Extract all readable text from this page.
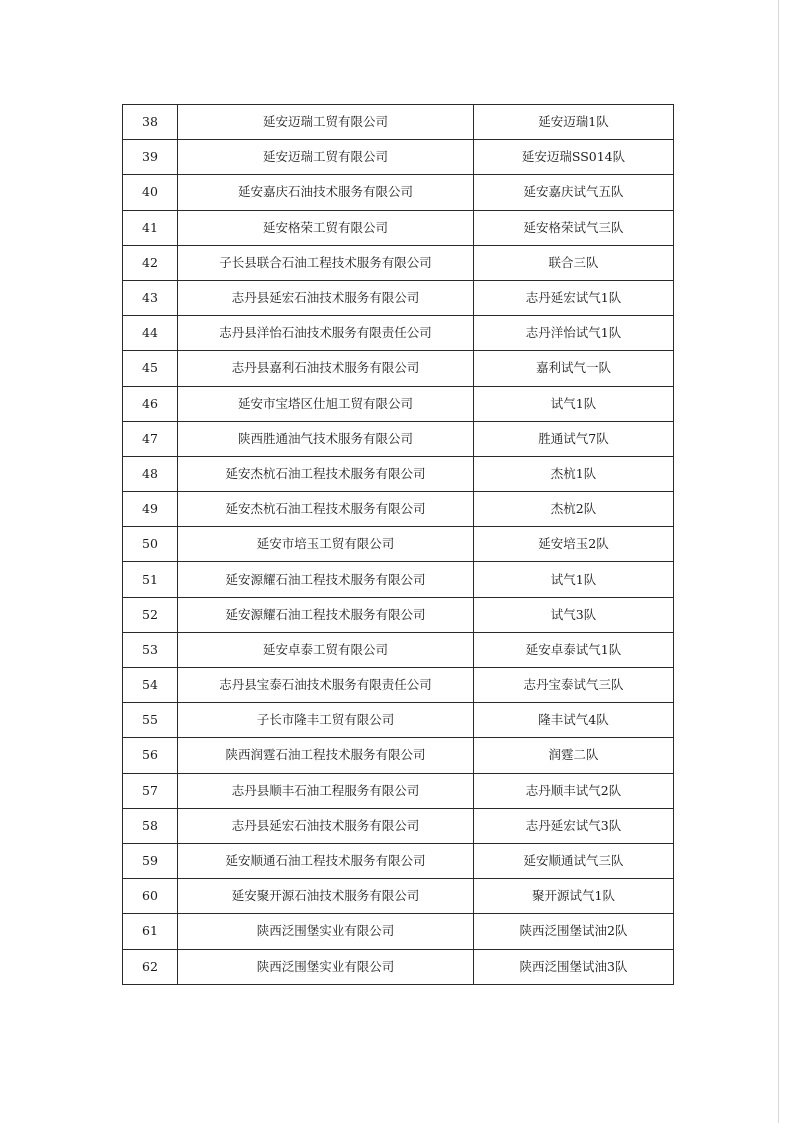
38	延安迈瑞工贸有限公司	延安迈瑞1队
39	延安迈瑞工贸有限公司	延安迈瑞SS014队
40	延安嘉庆石油技术服务有限公司	延安嘉庆试气五队
41	延安格荣工贸有限公司	延安格荣试气三队
42	子长县联合石油工程技术服务有限公司	联合三队
43	志丹县延宏石油技术服务有限公司	志丹延宏试气1队
44	志丹县洋怡石油技术服务有限责任公司	志丹洋怡试气1队
45	志丹县嘉利石油技术服务有限公司	嘉利试气一队
46	延安市宝塔区仕旭工贸有限公司	试气1队
47	陕西胜通油气技术服务有限公司	胜通试气7队
48	延安杰杭石油工程技术服务有限公司	杰杭1队
49	延安杰杭石油工程技术服务有限公司	杰杭2队
50	延安市培玉工贸有限公司	延安培玉2队
51	延安源耀石油工程技术服务有限公司	试气1队
52	延安源耀石油工程技术服务有限公司	试气3队
53	延安卓泰工贸有限公司	延安卓泰试气1队
54	志丹县宝泰石油技术服务有限责任公司	志丹宝泰试气三队
55	子长市隆丰工贸有限公司	隆丰试气4队
56	陕西润霆石油工程技术服务有限公司	润霆二队
57	志丹县顺丰石油工程服务有限公司	志丹顺丰试气2队
58	志丹县延宏石油技术服务有限公司	志丹延宏试气3队
59	延安顺通石油工程技术服务有限公司	延安顺通试气三队
60	延安聚开源石油技术服务有限公司	聚开源试气1队
61	陕西泛围堡实业有限公司	陕西泛围堡试油2队
62	陕西泛围堡实业有限公司	陕西泛围堡试油3队
